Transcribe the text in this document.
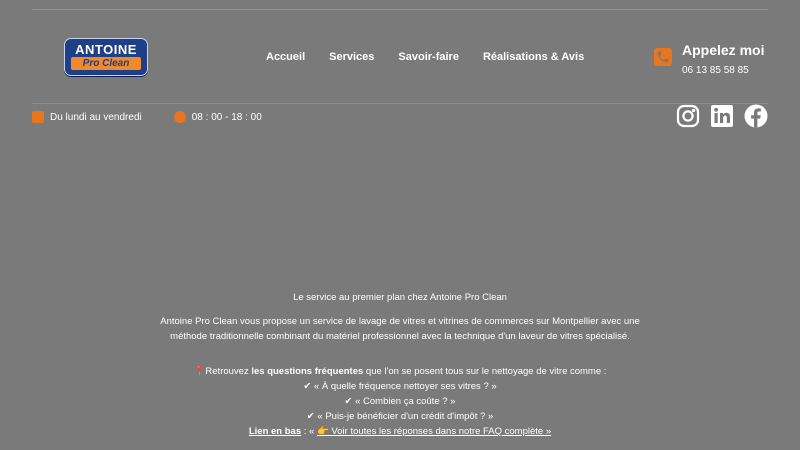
ANTOINE
Pro Clean
Accueil Services Savoir-faire Réalisations & Avis	Appelez moi
06 13 85 58 85
Du lundi au vendredi	08 : 00 - 18 : 00

Le service au premier plan chez Antoine Pro Clean

Antoine Pro Clean vous propose un service de lavage de vitres et vitrines de commerces sur Montpellier avec une méthode traditionnelle combinant du matériel professionnel avec la technique d'un laveur de vitres spécialisé.

📍Retrouvez les questions fréquentes que l'on se posent tous sur le nettoyage de vitre comme :

✔ « À quelle fréquence nettoyer ses vitres ? »

✔ « Combien ça coûte ? »

✔ « Puis-je bénéficier d'un crédit d'impôt ? »

Lien en bas : « 👉 Voir toutes les réponses dans notre FAQ complète »
